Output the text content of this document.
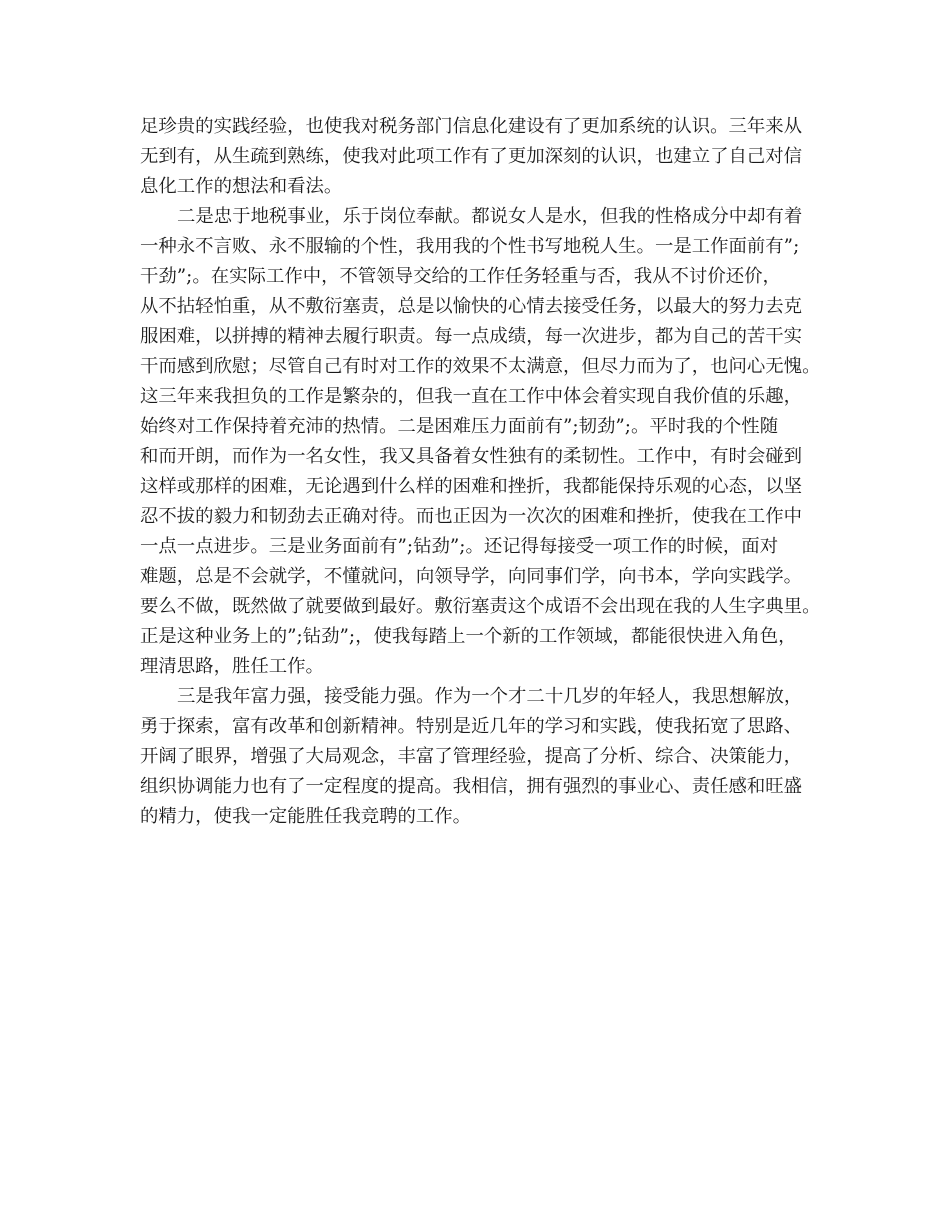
足珍贵的实践经验，也使我对税务部门信息化建设有了更加系统的认识。三年来从
无到有，从生疏到熟练，使我对此项工作有了更加深刻的认识，也建立了自己对信
息化工作的想法和看法。
二是忠于地税事业，乐于岗位奉献。都说女人是水，但我的性格成分中却有着
一种永不言败、永不服输的个性，我用我的个性书写地税人生。一是工作面前有”;
干劲”;。在实际工作中，不管领导交给的工作任务轻重与否，我从不讨价还价，
从不拈轻怕重，从不敷衍塞责，总是以愉快的心情去接受任务，以最大的努力去克
服困难，以拼搏的精神去履行职责。每一点成绩，每一次进步，都为自己的苦干实
干而感到欣慰；尽管自己有时对工作的效果不太满意，但尽力而为了，也问心无愧。
这三年来我担负的工作是繁杂的，但我一直在工作中体会着实现自我价值的乐趣，
始终对工作保持着充沛的热情。二是困难压力面前有”;韧劲”;。平时我的个性随
和而开朗，而作为一名女性，我又具备着女性独有的柔韧性。工作中，有时会碰到
这样或那样的困难，无论遇到什么样的困难和挫折，我都能保持乐观的心态，以坚
忍不拔的毅力和韧劲去正确对待。而也正因为一次次的困难和挫折，使我在工作中
一点一点进步。三是业务面前有”;钻劲”;。还记得每接受一项工作的时候，面对
难题，总是不会就学，不懂就问，向领导学，向同事们学，向书本，学向实践学。
要么不做，既然做了就要做到最好。敷衍塞责这个成语不会出现在我的人生字典里。
正是这种业务上的”;钻劲”;，使我每踏上一个新的工作领域，都能很快进入角色，
理清思路，胜任工作。
三是我年富力强，接受能力强。作为一个才二十几岁的年轻人，我思想解放，
勇于探索，富有改革和创新精神。特别是近几年的学习和实践，使我拓宽了思路、
开阔了眼界，增强了大局观念，丰富了管理经验，提高了分析、综合、决策能力，
组织协调能力也有了一定程度的提高。我相信，拥有强烈的事业心、责任感和旺盛
的精力，使我一定能胜任我竞聘的工作。
